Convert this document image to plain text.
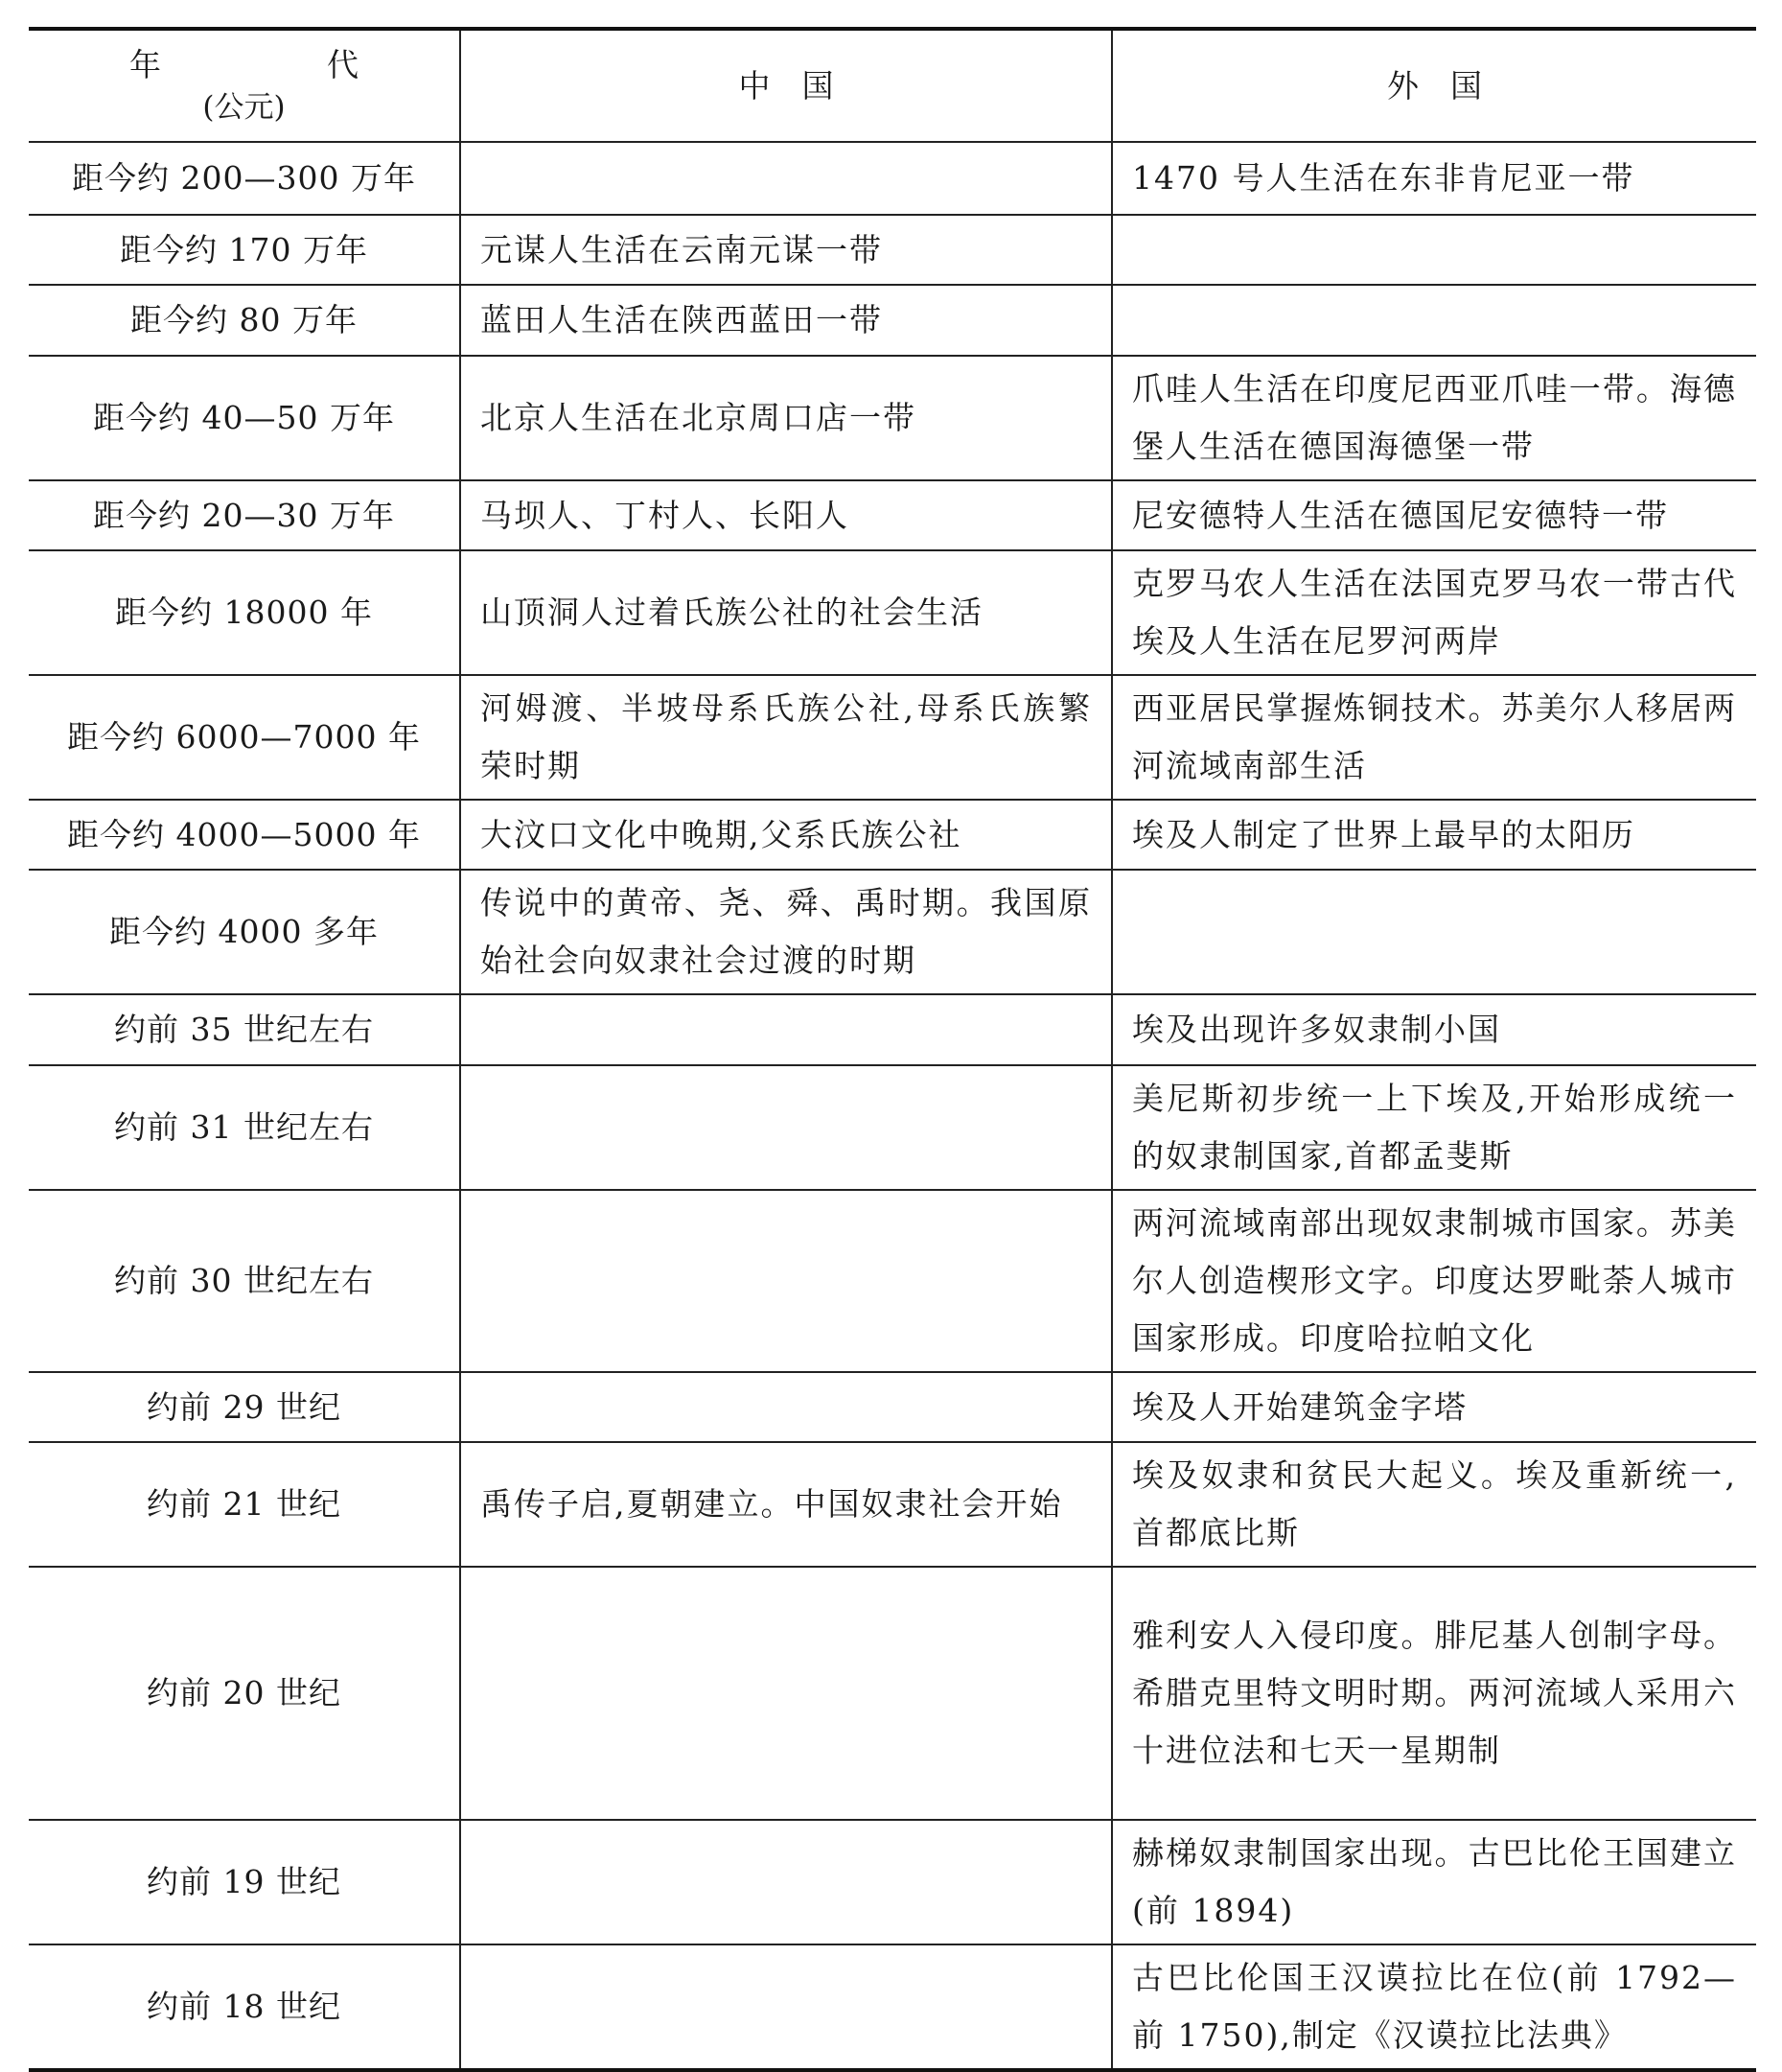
年　代
(公元)	中　国	外　国
距今约 200—300 万年		1470 号人生活在东非肯尼亚一带
距今约 170 万年	元谋人生活在云南元谋一带	
距今约 80 万年	蓝田人生活在陕西蓝田一带	
距今约 40—50 万年	北京人生活在北京周口店一带	爪哇人生活在印度尼西亚爪哇一带。海德堡人生活在德国海德堡一带
距今约 20—30 万年	马坝人、丁村人、长阳人	尼安德特人生活在德国尼安德特一带
距今约 18000 年	山顶洞人过着氏族公社的社会生活	克罗马农人生活在法国克罗马农一带古代埃及人生活在尼罗河两岸
距今约 6000—7000 年	河姆渡、半坡母系氏族公社,母系氏族繁荣时期	西亚居民掌握炼铜技术。苏美尔人移居两河流域南部生活
距今约 4000—5000 年	大汶口文化中晚期,父系氏族公社	埃及人制定了世界上最早的太阳历
距今约 4000 多年	传说中的黄帝、尧、舜、禹时期。我国原始社会向奴隶社会过渡的时期	
约前 35 世纪左右		埃及出现许多奴隶制小国
约前 31 世纪左右		美尼斯初步统一上下埃及,开始形成统一的奴隶制国家,首都孟斐斯
约前 30 世纪左右		两河流域南部出现奴隶制城市国家。苏美尔人创造楔形文字。印度达罗毗荼人城市国家形成。印度哈拉帕文化
约前 29 世纪		埃及人开始建筑金字塔
约前 21 世纪	禹传子启,夏朝建立。中国奴隶社会开始	埃及奴隶和贫民大起义。埃及重新统一,首都底比斯
约前 20 世纪		雅利安人入侵印度。腓尼基人创制字母。希腊克里特文明时期。两河流域人采用六十进位法和七天一星期制
约前 19 世纪		赫梯奴隶制国家出现。古巴比伦王国建立(前 1894)
约前 18 世纪		古巴比伦国王汉谟拉比在位(前 1792—前 1750),制定《汉谟拉比法典》
